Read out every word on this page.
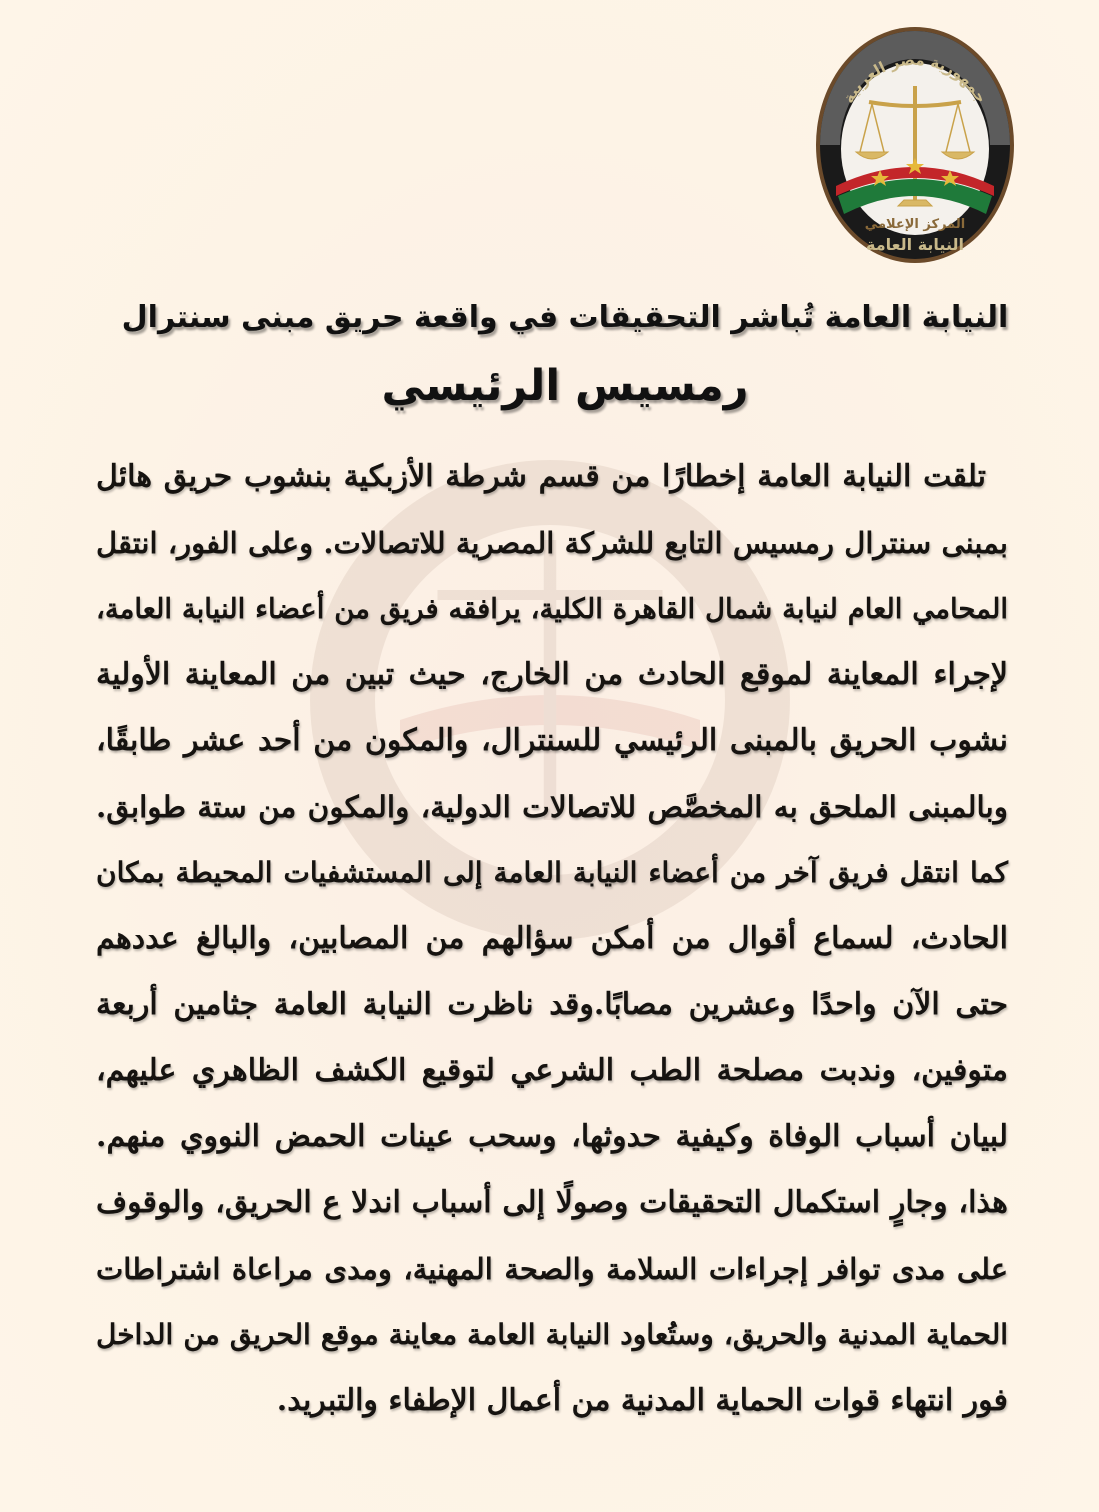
جمهورية مصر العربية
المركز الإعلامي
النيابة العامة
النيابة العامة تُباشر التحقيقات في واقعة حريق مبنى سنترال
رمسيس الرئيسي
تلقت النيابة العامة إخطارًا من قسم شرطة الأزبكية بنشوب حريق هائل
بمبنى سنترال رمسيس التابع للشركة المصرية للاتصالات. وعلى الفور، انتقل
المحامي العام لنيابة شمال القاهرة الكلية، يرافقه فريق من أعضاء النيابة العامة،
لإجراء المعاينة لموقع الحادث من الخارج، حيث تبين من المعاينة الأولية
نشوب الحريق بالمبنى الرئيسي للسنترال، والمكون من أحد عشر طابقًا،
وبالمبنى الملحق به المخصَّص للاتصالات الدولية، والمكون من ستة طوابق.
كما انتقل فريق آخر من أعضاء النيابة العامة إلى المستشفيات المحيطة بمكان
الحادث، لسماع أقوال من أمكن سؤالهم من المصابين، والبالغ عددهم
حتى الآن واحدًا وعشرين مصابًا.وقد ناظرت النيابة العامة جثامين أربعة
متوفين، وندبت مصلحة الطب الشرعي لتوقيع الكشف الظاهري عليهم،
لبيان أسباب الوفاة وكيفية حدوثها، وسحب عينات الحمض النووي منهم.
هذا، وجارٍ استكمال التحقيقات وصولًا إلى أسباب اندلا ع الحريق، والوقوف
على مدى توافر إجراءات السلامة والصحة المهنية، ومدى مراعاة اشتراطات
الحماية المدنية والحريق، وستُعاود النيابة العامة معاينة موقع الحريق من الداخل
فور انتهاء قوات الحماية المدنية من أعمال الإطفاء والتبريد.
